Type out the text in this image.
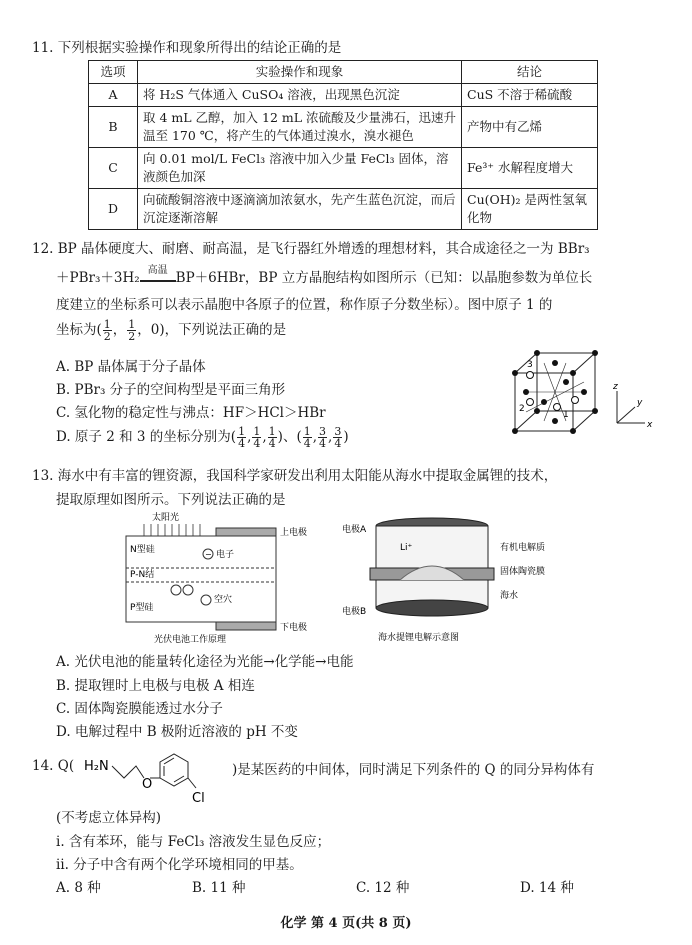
11. 下列根据实验操作和现象所得出的结论正确的是
选项	实验操作和现象	结论
A	将 H₂S 气体通入 CuSO₄ 溶液，出现黑色沉淀	CuS 不溶于稀硫酸
B	取 4 mL 乙醇，加入 12 mL 浓硫酸及少量沸石，迅速升温至 170 ℃，将产生的气体通过溴水，溴水褪色	产物中有乙烯
C	向 0.01 mol/L FeCl₃ 溶液中加入少量 FeCl₃ 固体，溶液颜色加深	Fe³⁺ 水解程度增大
D	向硫酸铜溶液中逐滴滴加浓氨水，先产生蓝色沉淀，而后沉淀逐渐溶解	Cu(OH)₂ 是两性氢氧化物
12. BP 晶体硬度大、耐磨、耐高温，是飞行器红外增透的理想材料，其合成途径之一为 BBr₃
＋PBr₃＋3H₂ 高温 BP＋6HBr，BP 立方晶胞结构如图所示（已知：以晶胞参数为单位长
度建立的坐标系可以表示晶胞中各原子的位置，称作原子分数坐标）。图中原子 1 的
坐标为( $\frac{1}{2}$ ， $\frac{1}{2}$ ，0)，下列说法正确的是
A. BP 晶体属于分子晶体
B. PBr₃ 分子的空间构型是平面三角形
C. 氢化物的稳定性与沸点：HF＞HCl＞HBr
D. 原子 2 和 3 的坐标分别为( $\frac{1}{4}$ , $\frac{1}{4}$ , $\frac{1}{4}$ )、( $\frac{1}{4}$ , $\frac{3}{4}$ , $\frac{3}{4}$ )
3
2
1
z
y
x
13. 海水中有丰富的锂资源，我国科学家研发出利用太阳能从海水中提取金属锂的技术，
提取原理如图所示。下列说法正确的是
太阳光
上电极
N型硅	− 电子
P-N结
空穴
P型硅
下电极
光伏电池工作原理
电极A
Li⁺	有机电解质
固体陶瓷膜
海水
电极B
海水提锂电解示意图
A. 光伏电池的能量转化途径为光能→化学能→电能
B. 提取锂时上电极与电极 A 相连
C. 固体陶瓷膜能透过水分子
D. 电解过程中 B 极附近溶液的 pH 不变
14. Q( H₂N
O
Cl
)是某医药的中间体，同时满足下列条件的 Q 的同分异构体有
(不考虑立体异构)
ⅰ. 含有苯环，能与 FeCl₃ 溶液发生显色反应；
ⅱ. 分子中含有两个化学环境相同的甲基。
A. 8 种	B. 11 种	C. 12 种	D. 14 种
化学 第 4 页(共 8 页)
